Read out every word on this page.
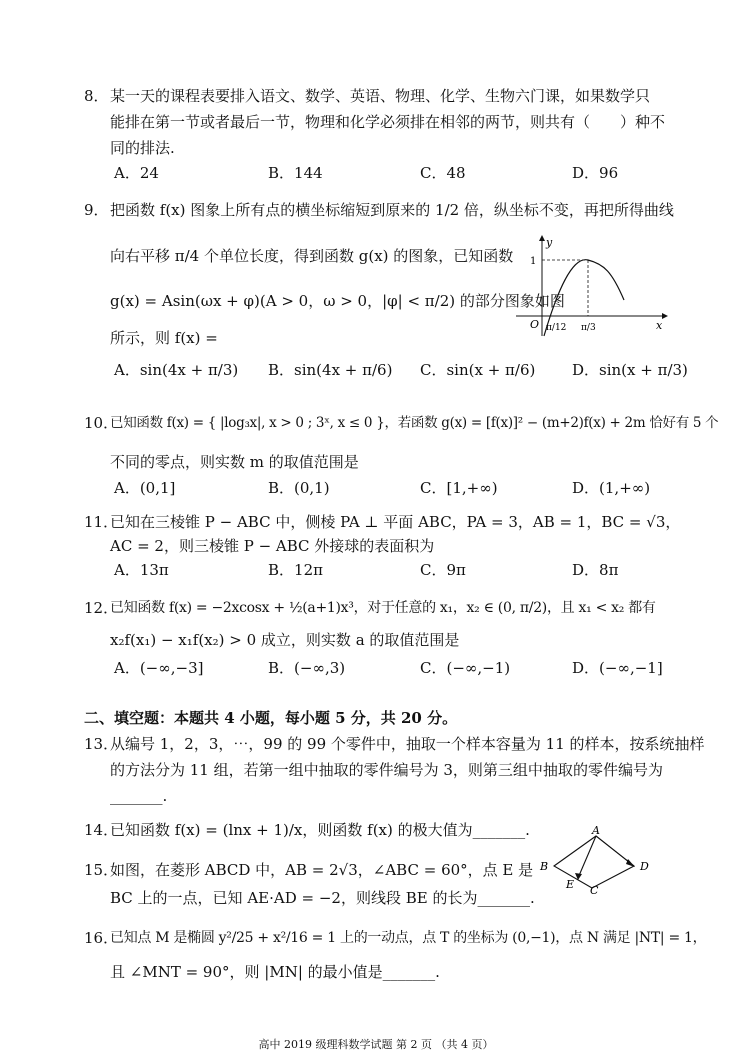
8． 某一天的课程表要排入语文、数学、英语、物理、化学、生物六门课，如果数学只
能排在第一节或者最后一节，物理和化学必须排在相邻的两节，则共有（　　）种不
同的排法.
A．24	B．144	C．48	D．96
9． 把函数 f(x) 图象上所有点的横坐标缩短到原来的 1/2 倍，纵坐标不变，再把所得曲线
向右平移 π/4 个单位长度，得到函数 g(x) 的图象，已知函数
g(x) = Asin(ωx + φ)(A > 0，ω > 0，|φ| < π/2) 的部分图象如图
所示，则 f(x) =
y
x
O
1
π/12 π/3
A．sin(4x + π/3) B．sin(4x + π/6) C．sin(x + π/6) D．sin(x + π/3)
10．
已知函数 f(x) = { |log₃x|, x > 0 ; 3ˣ, x ≤ 0 }，若函数 g(x) = [f(x)]² − (m+2)f(x) + 2m 恰好有 5 个
不同的零点，则实数 m 的取值范围是
A．(0,1]	B．(0,1)	C．[1,+∞)	D．(1,+∞)
11．
已知在三棱锥 P − ABC 中，侧棱 PA ⊥ 平面 ABC，PA = 3，AB = 1，BC = √3，
AC = 2，则三棱锥 P − ABC 外接球的表面积为
A．13π	B．12π	C．9π	D．8π
12．
已知函数 f(x) = −2xcosx + ½(a+1)x³，对于任意的 x₁，x₂ ∈ (0, π/2)，且 x₁ < x₂ 都有
x₂f(x₁) − x₁f(x₂) > 0 成立，则实数 a 的取值范围是
A．(−∞,−3]	B．(−∞,3)	C．(−∞,−1)	D．(−∞,−1]
二、填空题：本题共 4 小题，每小题 5 分，共 20 分。
13．
从编号 1，2，3，⋯，99 的 99 个零件中，抽取一个样本容量为 11 的样本，按系统抽样
的方法分为 11 组，若第一组中抽取的零件编号为 3，则第三组中抽取的零件编号为
_______.
14．
已知函数 f(x) = (lnx + 1)/x，则函数 f(x) 的极大值为_______.
15．
如图，在菱形 ABCD 中，AB = 2√3，∠ABC = 60°，点 E 是
BC 上的一点，已知 AE·AD = −2，则线段 BE 的长为_______.
A
B
C
D
E
16．
已知点 M 是椭圆 y²/25 + x²/16 = 1 上的一动点，点 T 的坐标为 (0,−1)，点 N 满足 |NT| = 1，
且 ∠MNT = 90°，则 |MN| 的最小值是_______.
高中 2019 级理科数学试题 第 2 页 （共 4 页）
